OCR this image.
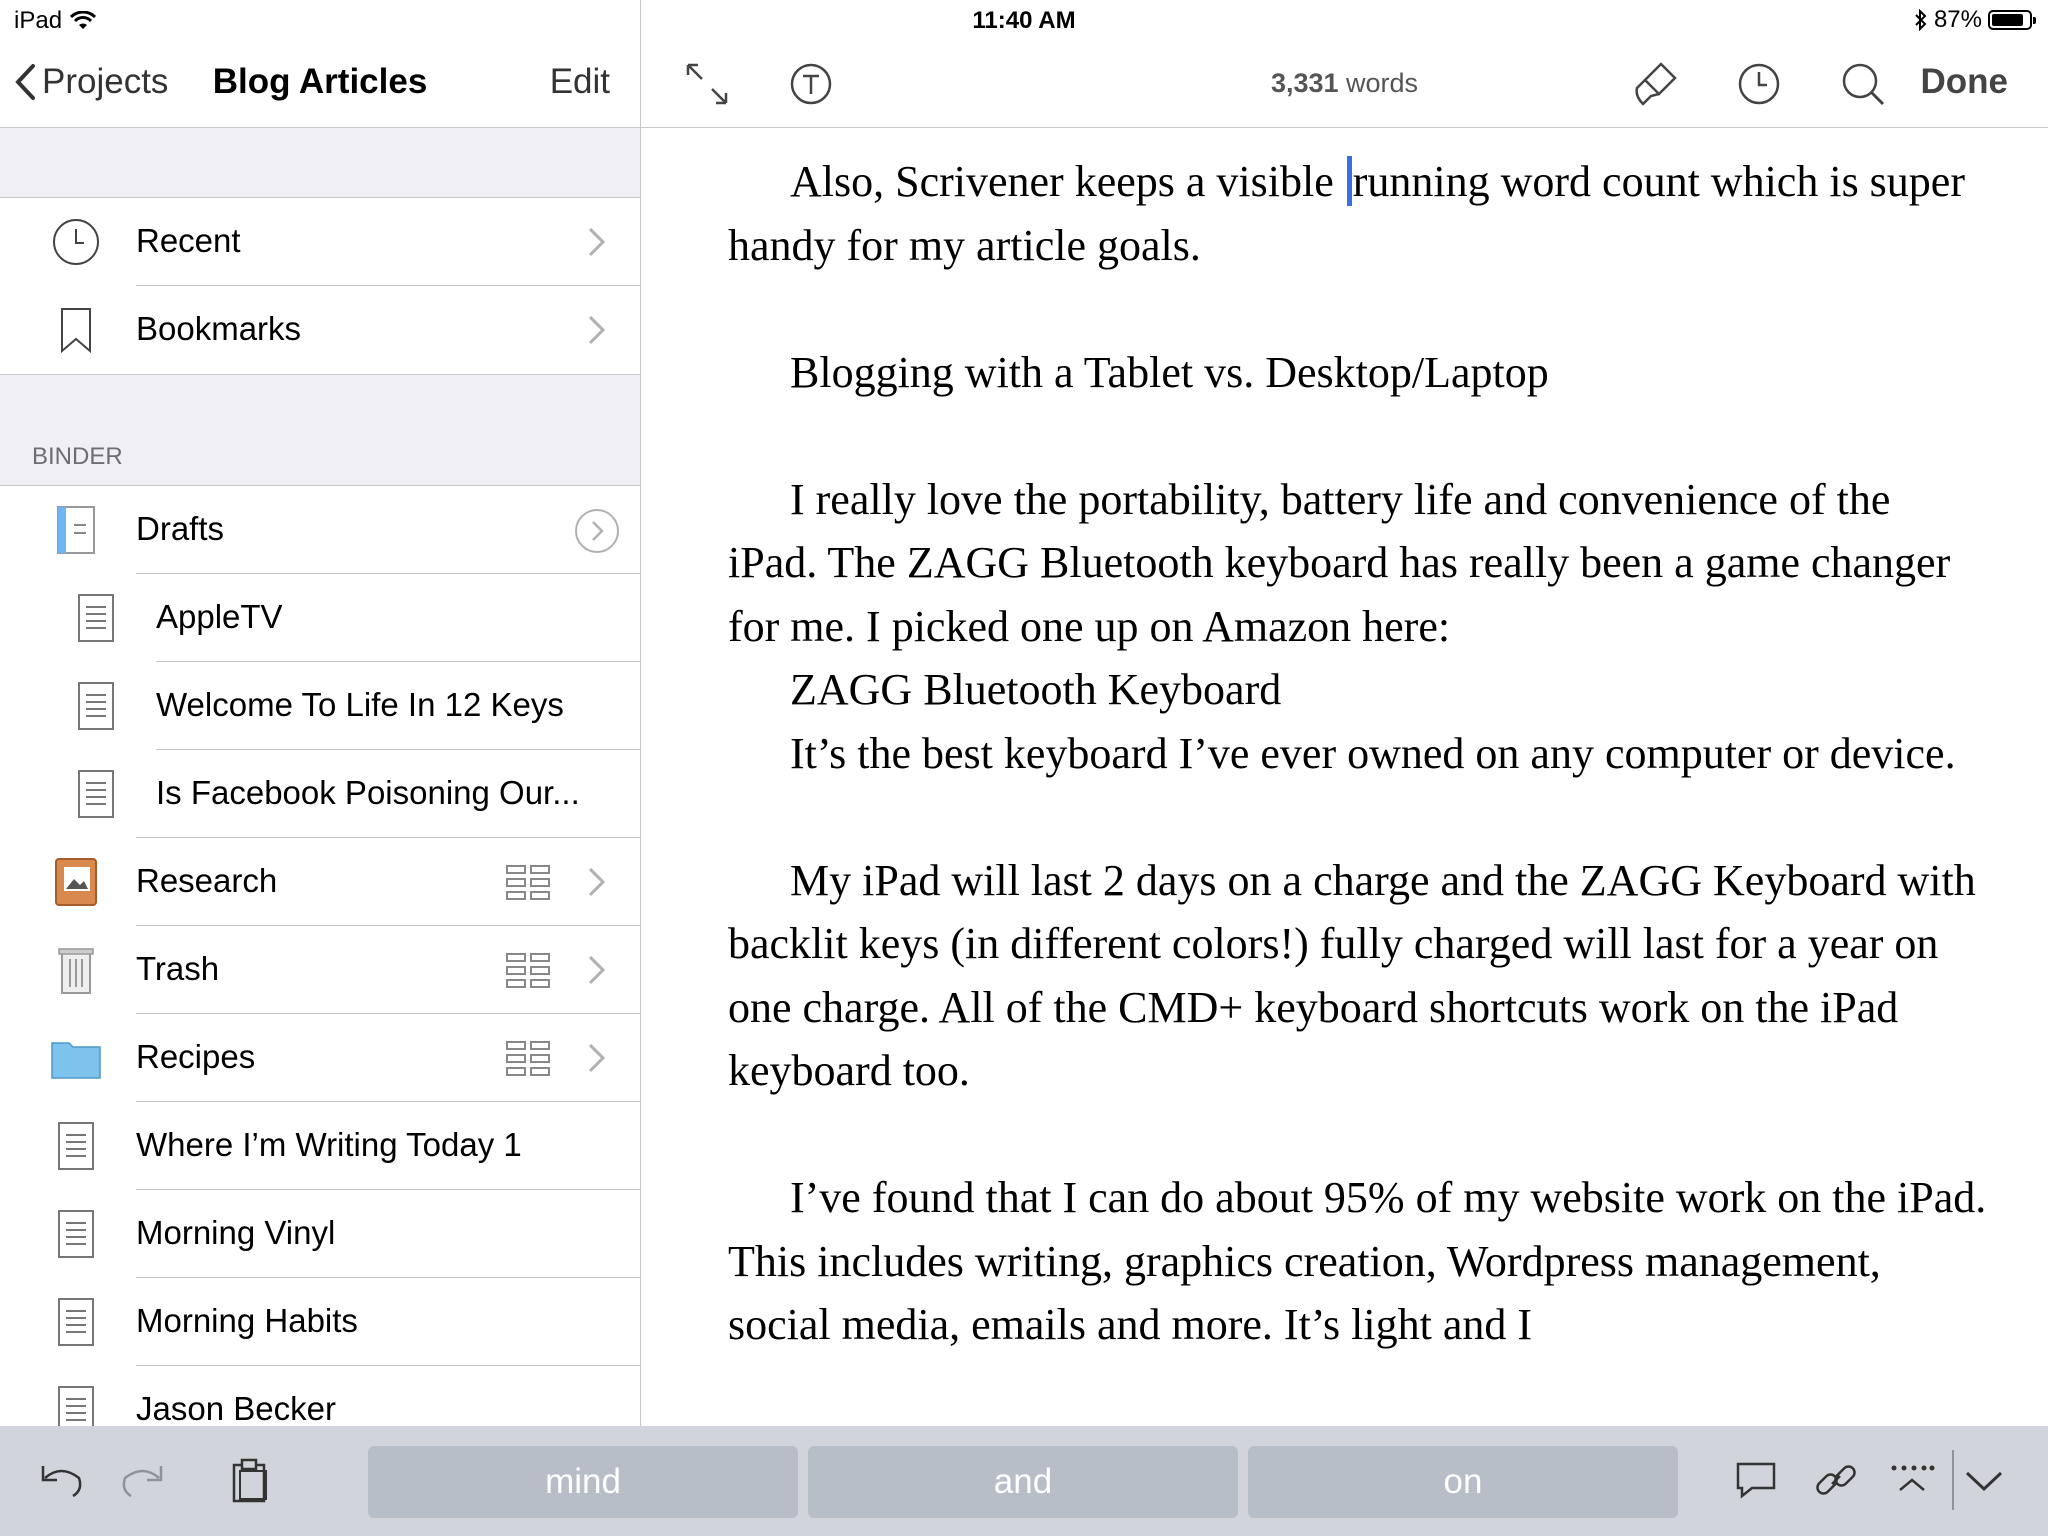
iPad	11:40 AM	87%
Projects	Blog Articles	Edit
Recent
Bookmarks
BINDER
Drafts
AppleTV
Welcome To Life In 12 Keys
Is Facebook Poisoning Our...
Research
Trash
Recipes
Where I’m Writing Today 1
Morning Vinyl
Morning Habits
Jason Becker
3,331 words	Done

Also, Scrivener keeps a visible running word count which is super handy for my article goals.

Blogging with a Tablet vs. Desktop/Laptop

I really love the portability, battery life and convenience of the iPad. The ZAGG Bluetooth keyboard has really been a game changer for me. I picked one up on Amazon here:

ZAGG Bluetooth Keyboard

It’s the best keyboard I’ve ever owned on any computer or device.

My iPad will last 2 days on a charge and the ZAGG Keyboard with backlit keys (in different colors!) fully charged will last for a year on one charge. All of the CMD+ keyboard shortcuts work on the iPad keyboard too.

I’ve found that I can do about 95% of my website work on the iPad. This includes writing, graphics creation, Wordpress management, social media, emails and more. It’s light and I

mind	and	on
